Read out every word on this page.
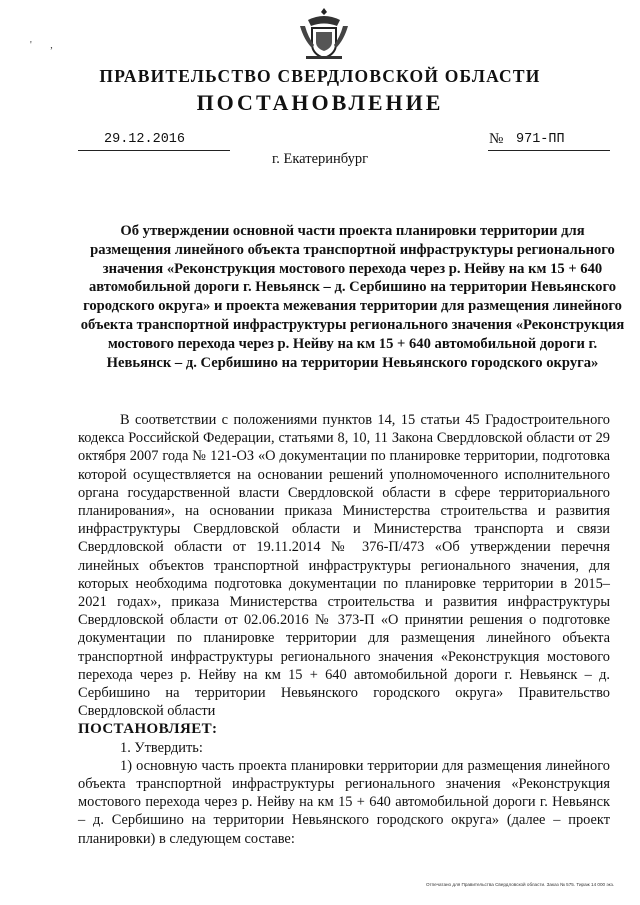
' ,
ПРАВИТЕЛЬСТВО СВЕРДЛОВСКОЙ ОБЛАСТИ
ПОСТАНОВЛЕНИЕ
29.12.2016	№ 971-ПП
г. Екатеринбург
Об утверждении основной части проекта планировки территории для размещения линейного объекта транспортной инфраструктуры регионального значения «Реконструкция мостового перехода через р. Нейву на км 15 + 640 автомобильной дороги г. Невьянск – д. Сербишино на территории Невьянского городского округа» и проекта межевания территории для размещения линейного объекта транспортной инфраструктуры регионального значения «Реконструкция мостового перехода через р. Нейву на км 15 + 640 автомобильной дороги г. Невьянск – д. Сербишино на территории Невьянского городского округа»

В соответствии с положениями пунктов 14, 15 статьи 45 Градостроительного кодекса Российской Федерации, статьями 8, 10, 11 Закона Свердловской области от 29 октября 2007 года № 121-ОЗ «О документации по планировке территории, подготовка которой осуществляется на основании решений уполномоченного исполнительного органа государственной власти Свердловской области в сфере территориального планирования», на основании приказа Министерства строительства и развития инфраструктуры Свердловской области и Министерства транспорта и связи Свердловской области от 19.11.2014 № 376-П/473 «Об утверждении перечня линейных объектов транспортной инфраструктуры регионального значения, для которых необходима подготовка документации по планировке территории в 2015–2021 годах», приказа Министерства строительства и развития инфраструктуры Свердловской области от 02.06.2016 № 373-П «О принятии решения о подготовке документации по планировке территории для размещения линейного объекта транспортной инфраструктуры регионального значения «Реконструкция мостового перехода через р. Нейву на км 15 + 640 автомобильной дороги г. Невьянск – д. Сербишино на территории Невьянского городского округа» Правительство Свердловской области

ПОСТАНОВЛЯЕТ:

1. Утвердить:

1) основную часть проекта планировки территории для размещения линейного объекта транспортной инфраструктуры регионального значения «Реконструкция мостового перехода через р. Нейву на км 15 + 640 автомобильной дороги г. Невьянск – д. Сербишино на территории Невьянского городского округа» (далее – проект планировки) в следующем составе:

Отпечатано для Правительства Свердловской области. Заказ № 575. Тираж 14 000 экз.
